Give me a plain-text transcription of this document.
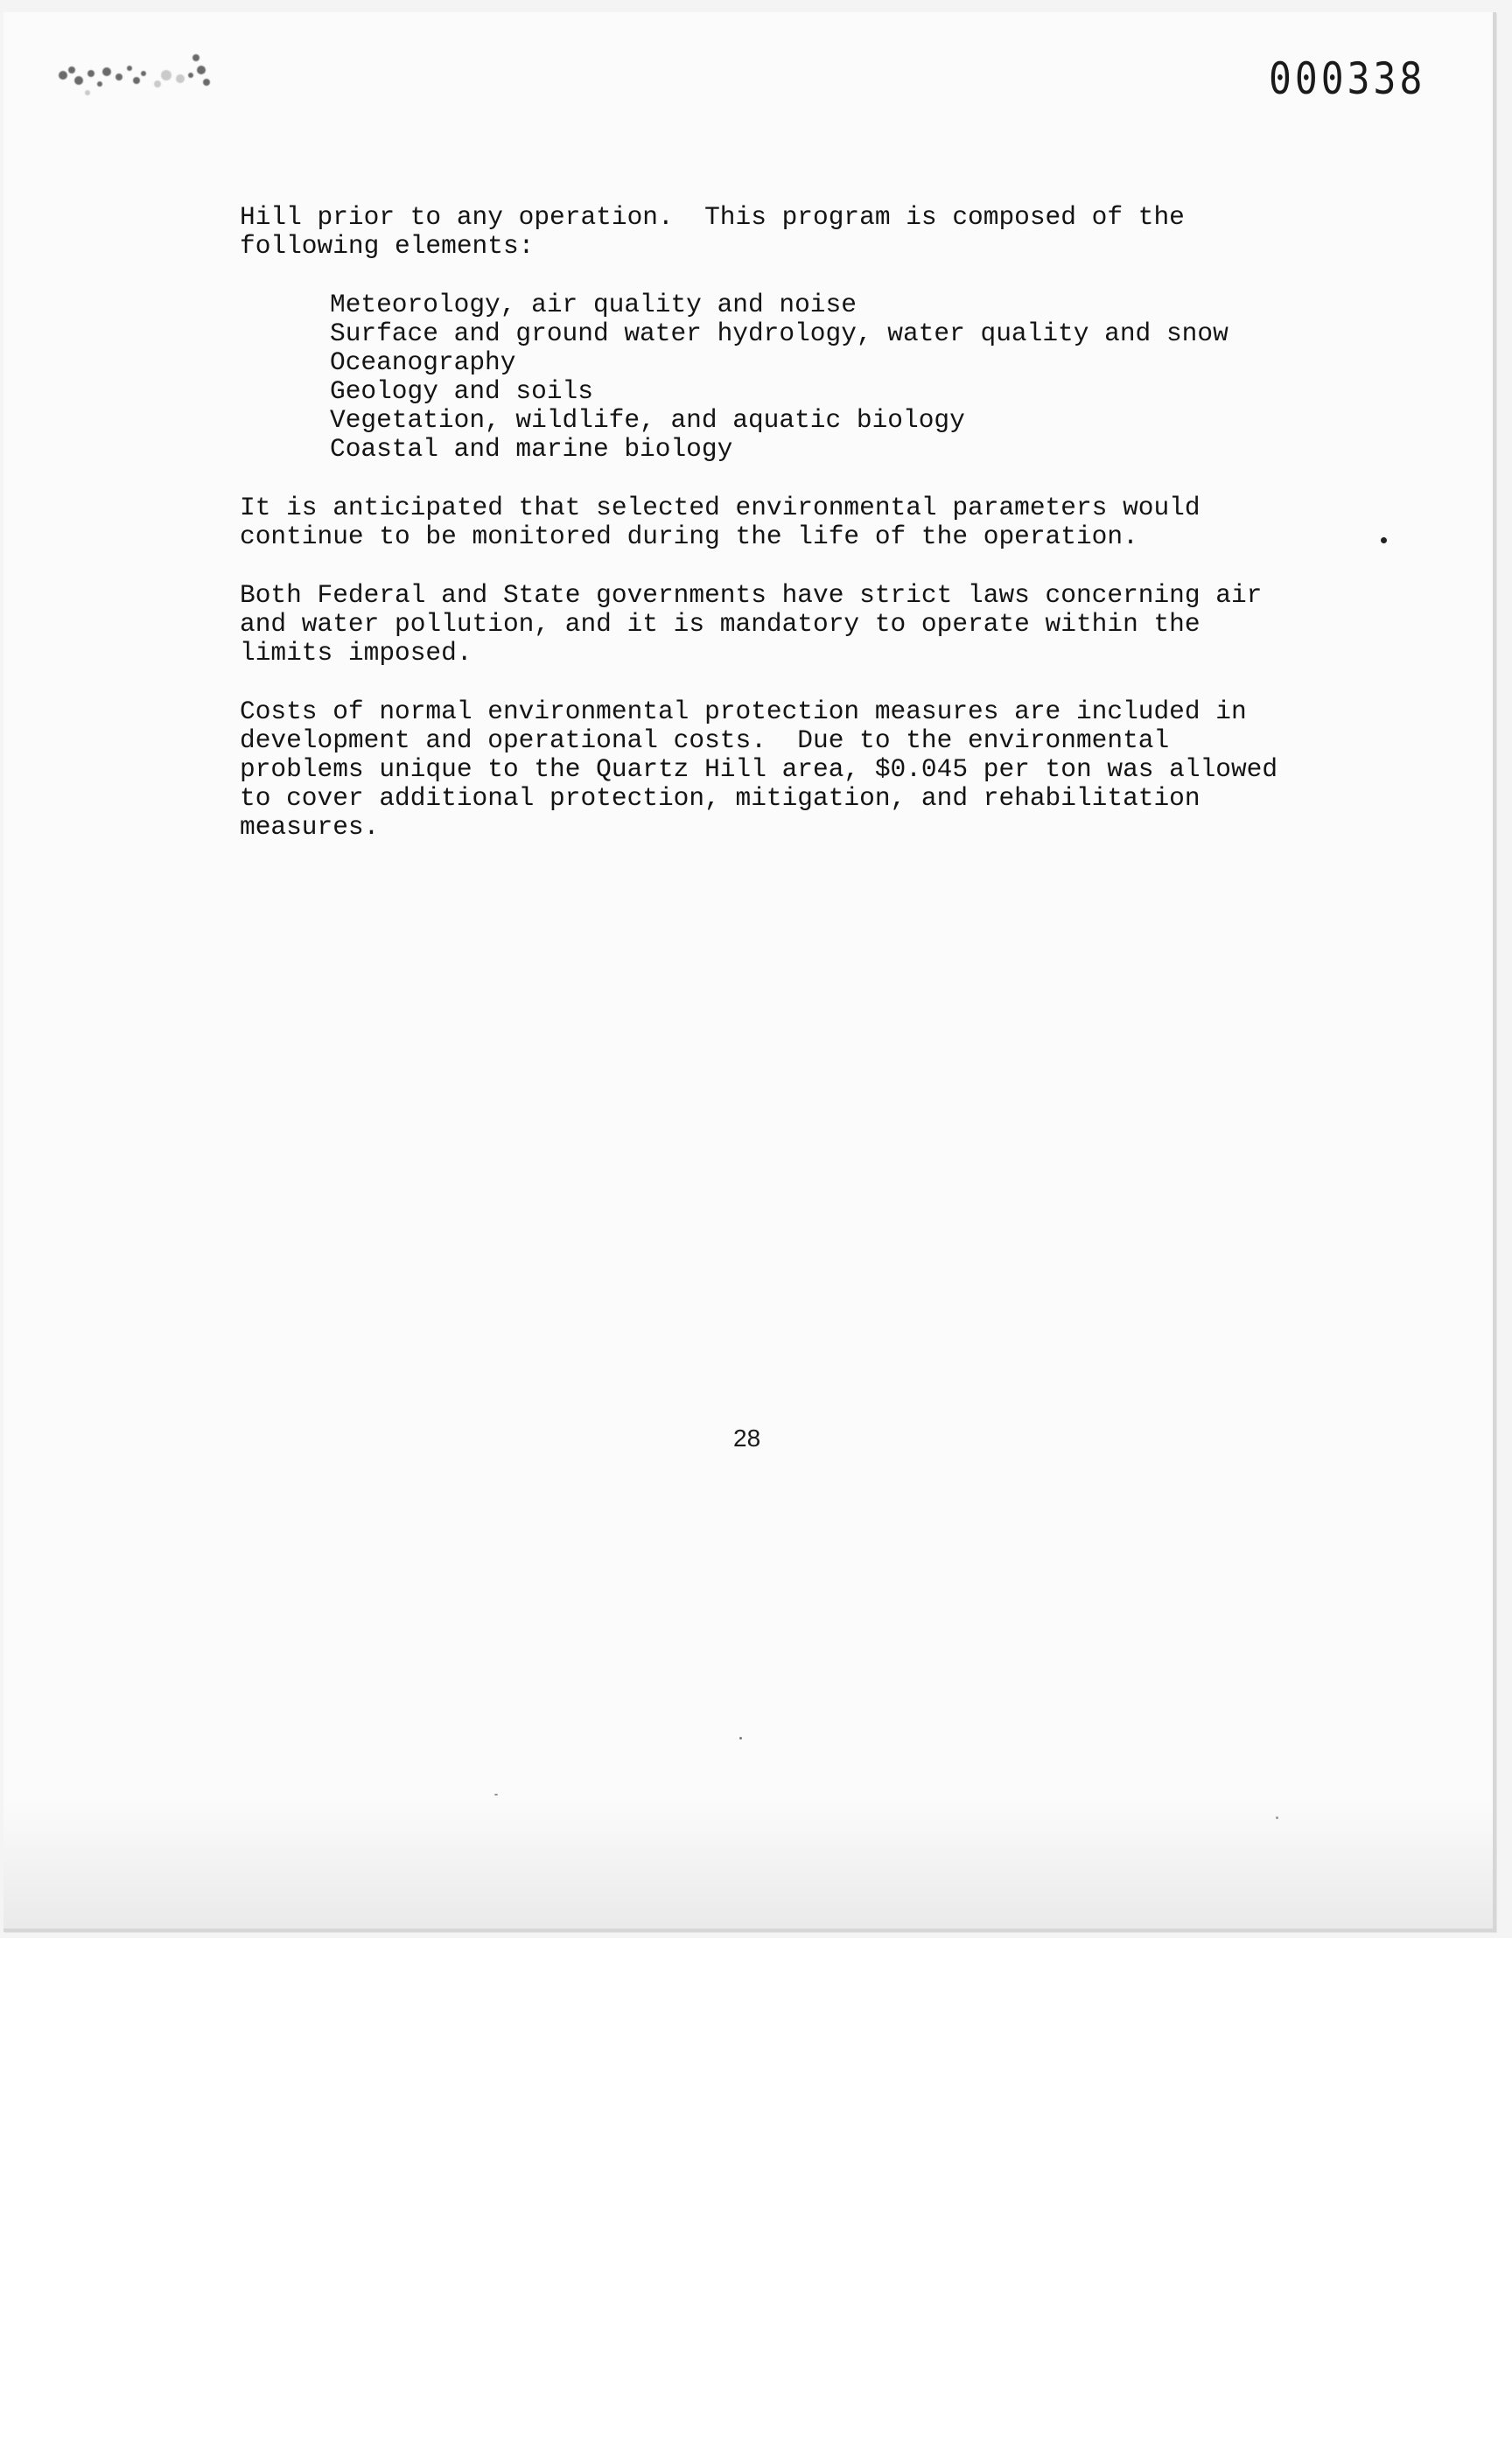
000338

Hill prior to any operation.  This program is composed of the
following elements:

Meteorology, air quality and noise
Surface and ground water hydrology, water quality and snow
Oceanography
Geology and soils
Vegetation, wildlife, and aquatic biology
Coastal and marine biology

It is anticipated that selected environmental parameters would
continue to be monitored during the life of the operation.

Both Federal and State governments have strict laws concerning air
and water pollution, and it is mandatory to operate within the
limits imposed.

Costs of normal environmental protection measures are included in
development and operational costs.  Due to the environmental
problems unique to the Quartz Hill area, $0.045 per ton was allowed
to cover additional protection, mitigation, and rehabilitation
measures.

28
